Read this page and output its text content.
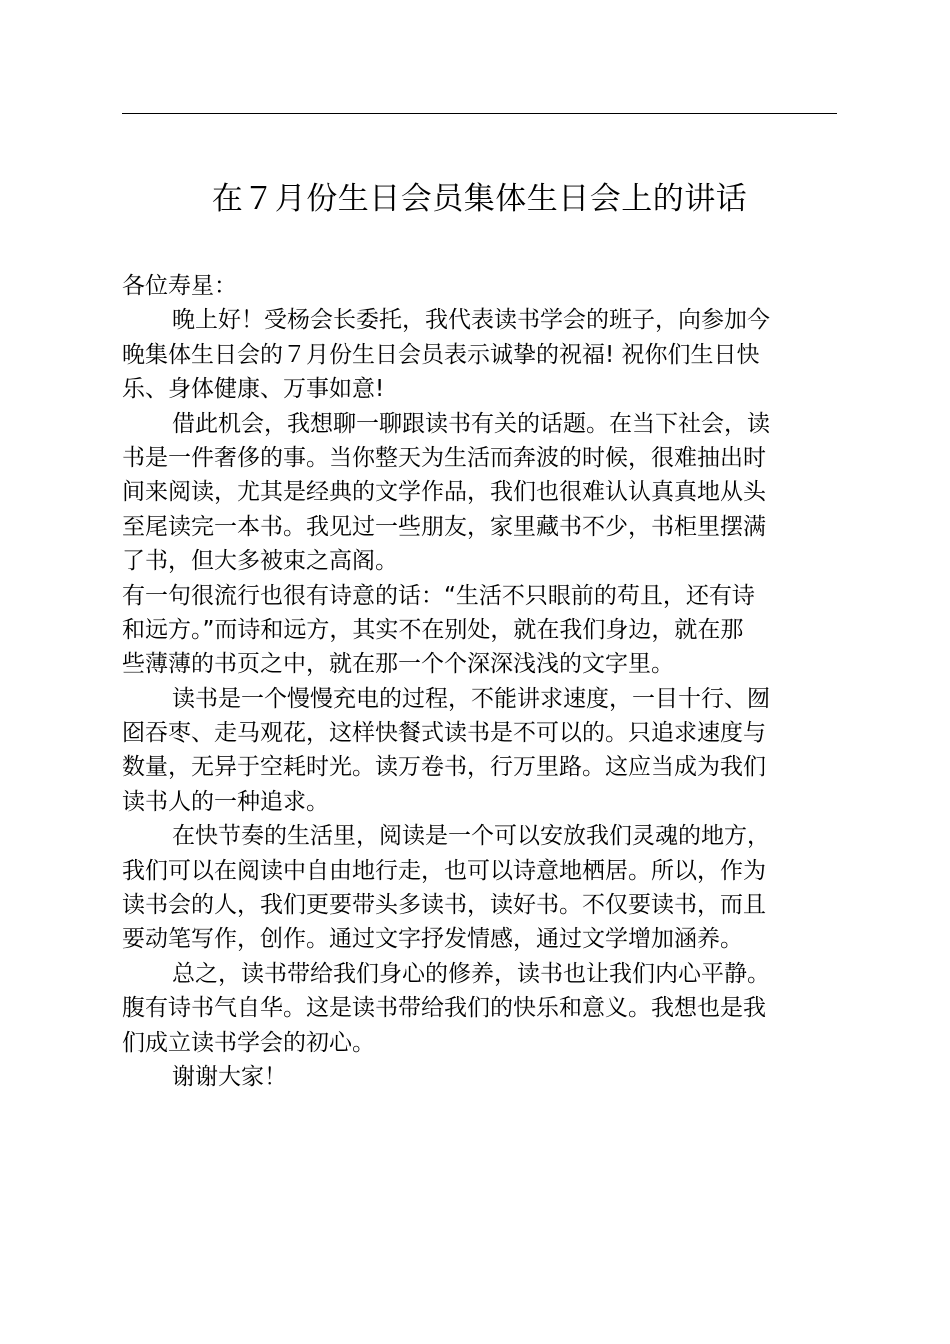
在７月份生日会员集体生日会上的讲话
各位寿星：
晚上好！受杨会长委托，我代表读书学会的班子，向参加今
晚集体生日会的７月份生日会员表示诚挚的祝福! 祝你们生日快
乐、身体健康、万事如意!
借此机会，我想聊一聊跟读书有关的话题。在当下社会，读
书是一件奢侈的事。当你整天为生活而奔波的时候，很难抽出时
间来阅读，尤其是经典的文学作品，我们也很难认认真真地从头
至尾读完一本书。我见过一些朋友，家里藏书不少，书柜里摆满
了书，但大多被束之高阁。
有一句很流行也很有诗意的话：“生活不只眼前的苟且，还有诗
和远方。”而诗和远方，其实不在别处，就在我们身边，就在那
些薄薄的书页之中，就在那一个个深深浅浅的文字里。
读书是一个慢慢充电的过程，不能讲求速度，一目十行、囫
囵吞枣、走马观花，这样快餐式读书是不可以的。只追求速度与
数量，无异于空耗时光。读万卷书，行万里路。这应当成为我们
读书人的一种追求。
在快节奏的生活里，阅读是一个可以安放我们灵魂的地方，
我们可以在阅读中自由地行走，也可以诗意地栖居。所以，作为
读书会的人，我们更要带头多读书，读好书。不仅要读书，而且
要动笔写作，创作。通过文字抒发情感，通过文学增加涵养。
总之，读书带给我们身心的修养，读书也让我们内心平静。
腹有诗书气自华。这是读书带给我们的快乐和意义。我想也是我
们成立读书学会的初心。
谢谢大家！
